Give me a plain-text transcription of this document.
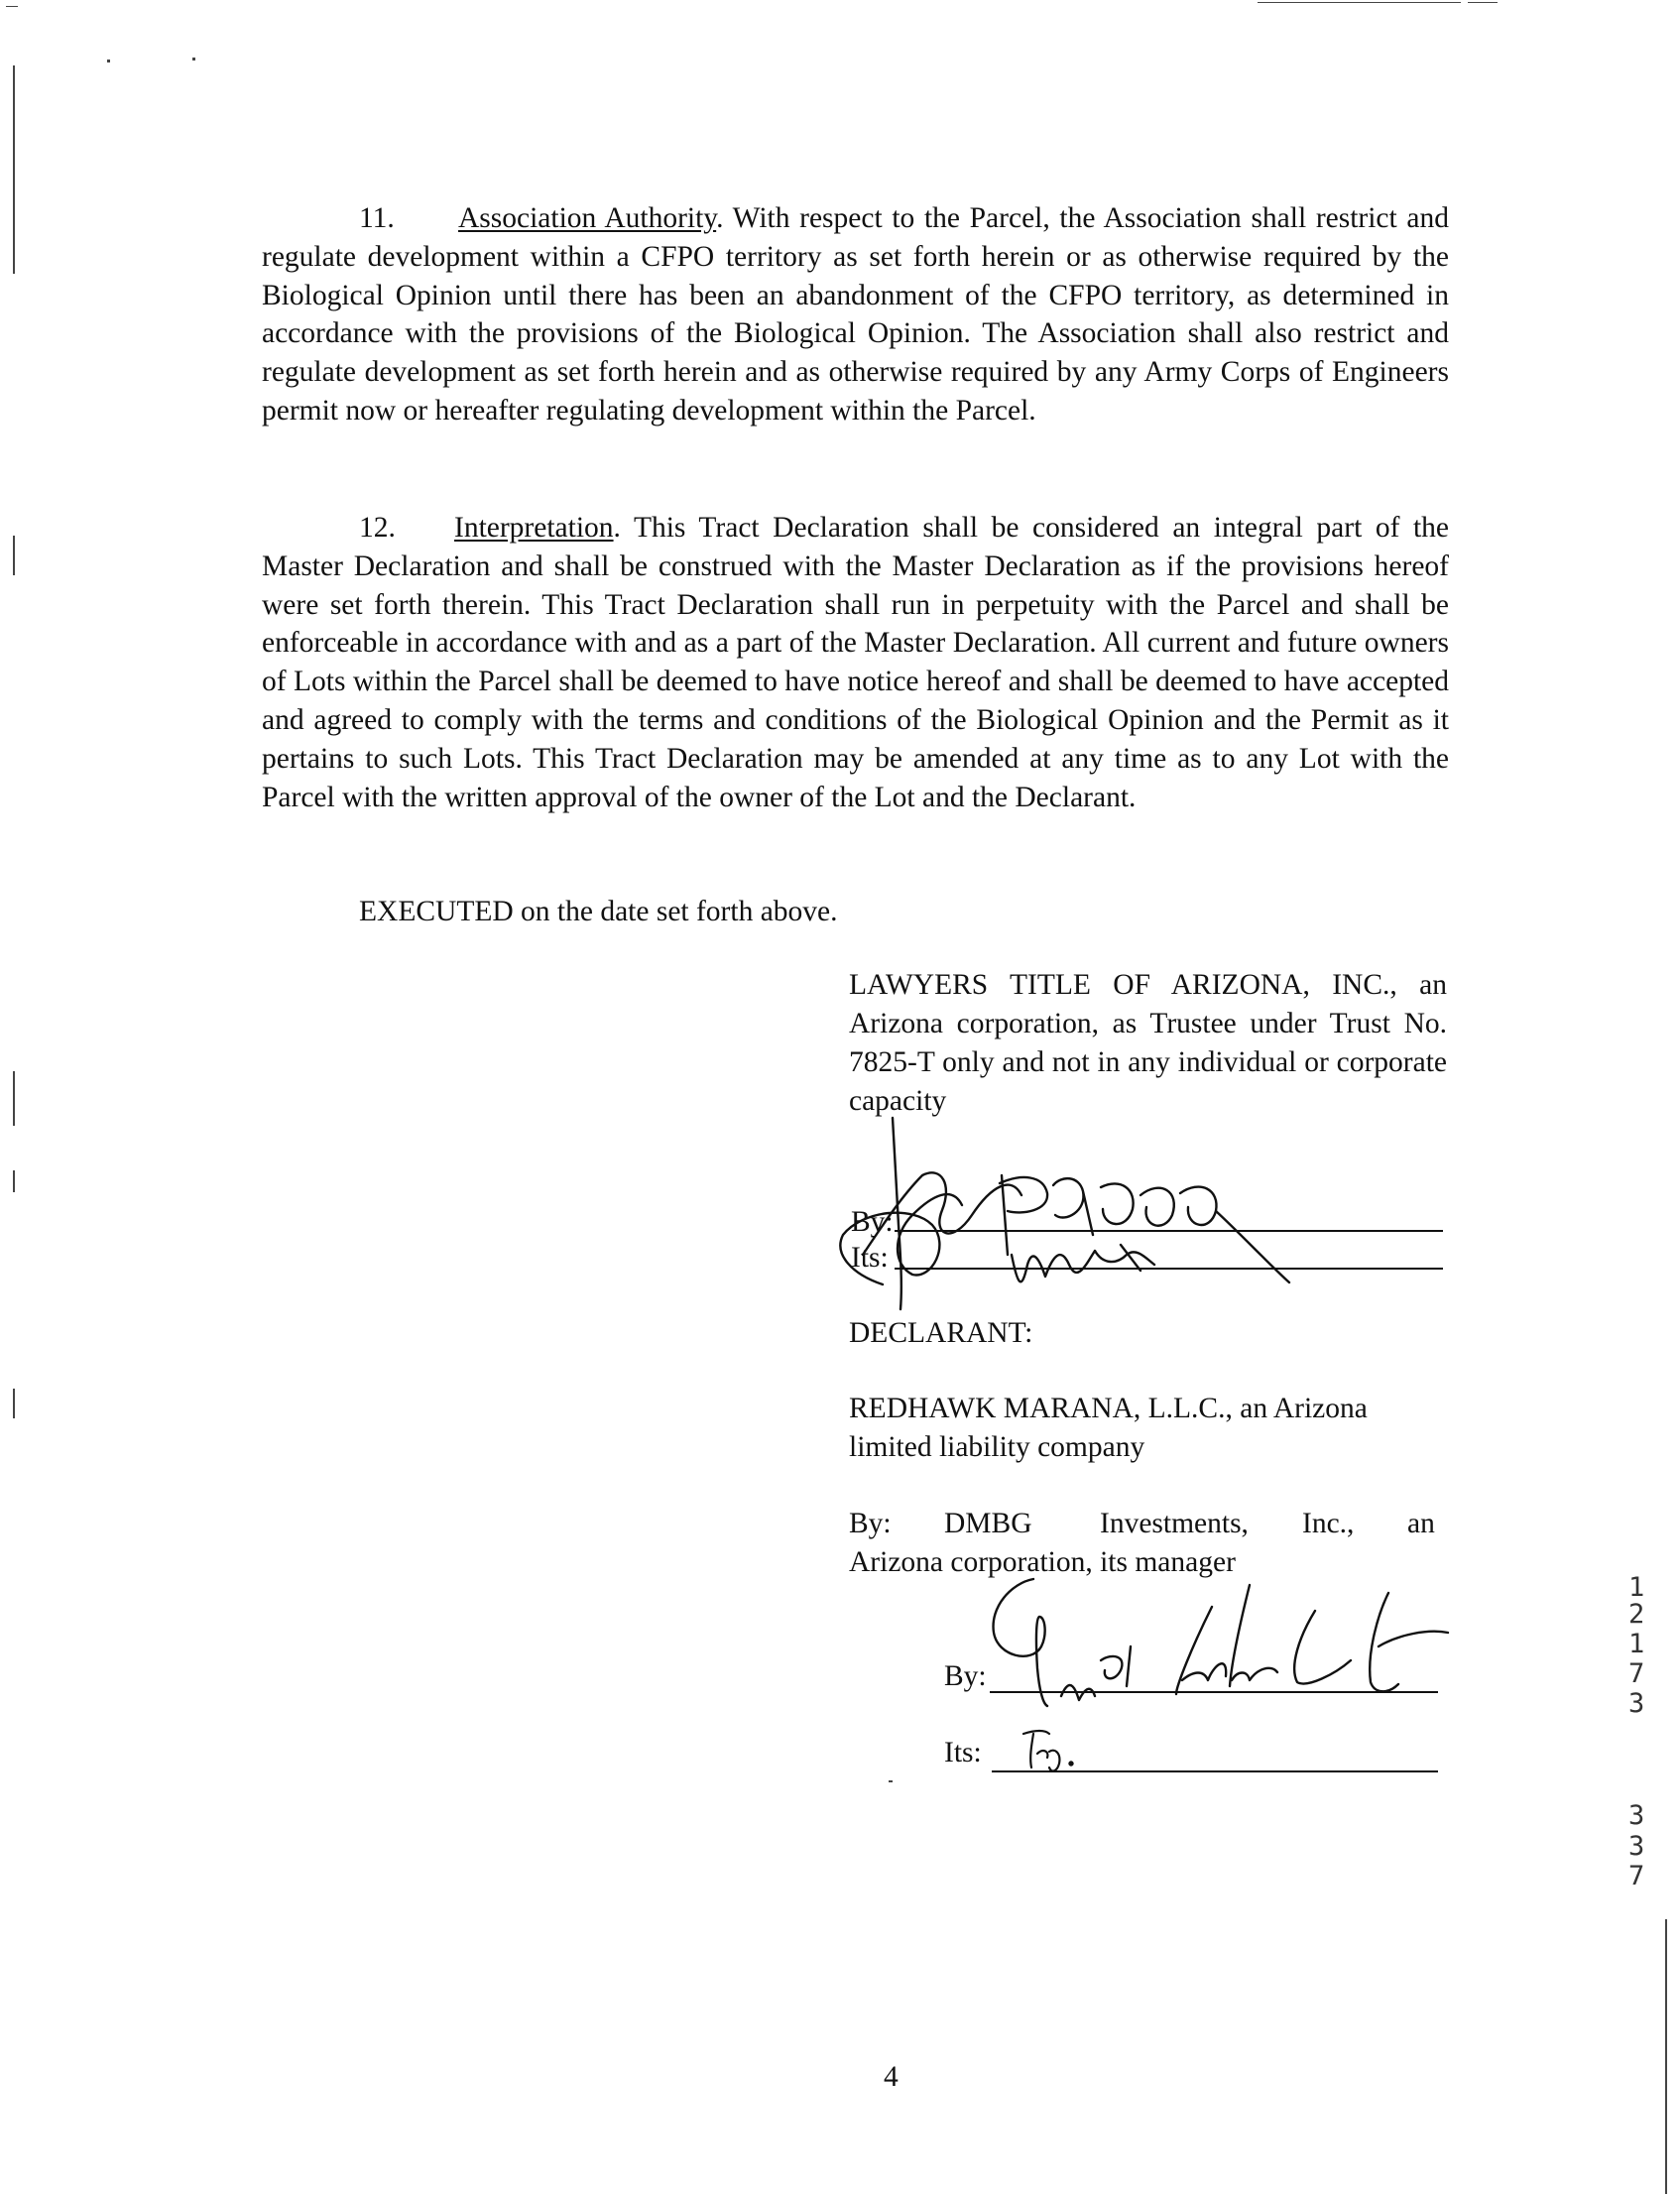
11. Association Authority. With respect to the Parcel, the Association shall restrict and regulate development within a CFPO territory as set forth herein or as otherwise required by the Biological Opinion until there has been an abandonment of the CFPO territory, as determined in accordance with the provisions of the Biological Opinion. The Association shall also restrict and regulate development as set forth herein and as otherwise required by any Army Corps of Engineers permit now or hereafter regulating development within the Parcel.

12. Interpretation. This Tract Declaration shall be considered an integral part of the Master Declaration and shall be construed with the Master Declaration as if the provisions hereof were set forth therein. This Tract Declaration shall run in perpetuity with the Parcel and shall be enforceable in accordance with and as a part of the Master Declaration. All current and future owners of Lots within the Parcel shall be deemed to have notice hereof and shall be deemed to have accepted and agreed to comply with the terms and conditions of the Biological Opinion and the Permit as it pertains to such Lots. This Tract Declaration may be amended at any time as to any Lot with the Parcel with the written approval of the owner of the Lot and the Declarant.

EXECUTED on the date set forth above.

LAWYERS TITLE OF ARIZONA, INC., an Arizona corporation, as Trustee under Trust No. 7825-T only and not in any individual or corporate capacity

By:
Its:
DECLARANT:
REDHAWK MARANA, L.L.C., an Arizona
limited liability company
By: DMBG Investments, Inc., an
Arizona corporation, its manager
By:
Its:
1
2
1
7
3
3
3
7
4
